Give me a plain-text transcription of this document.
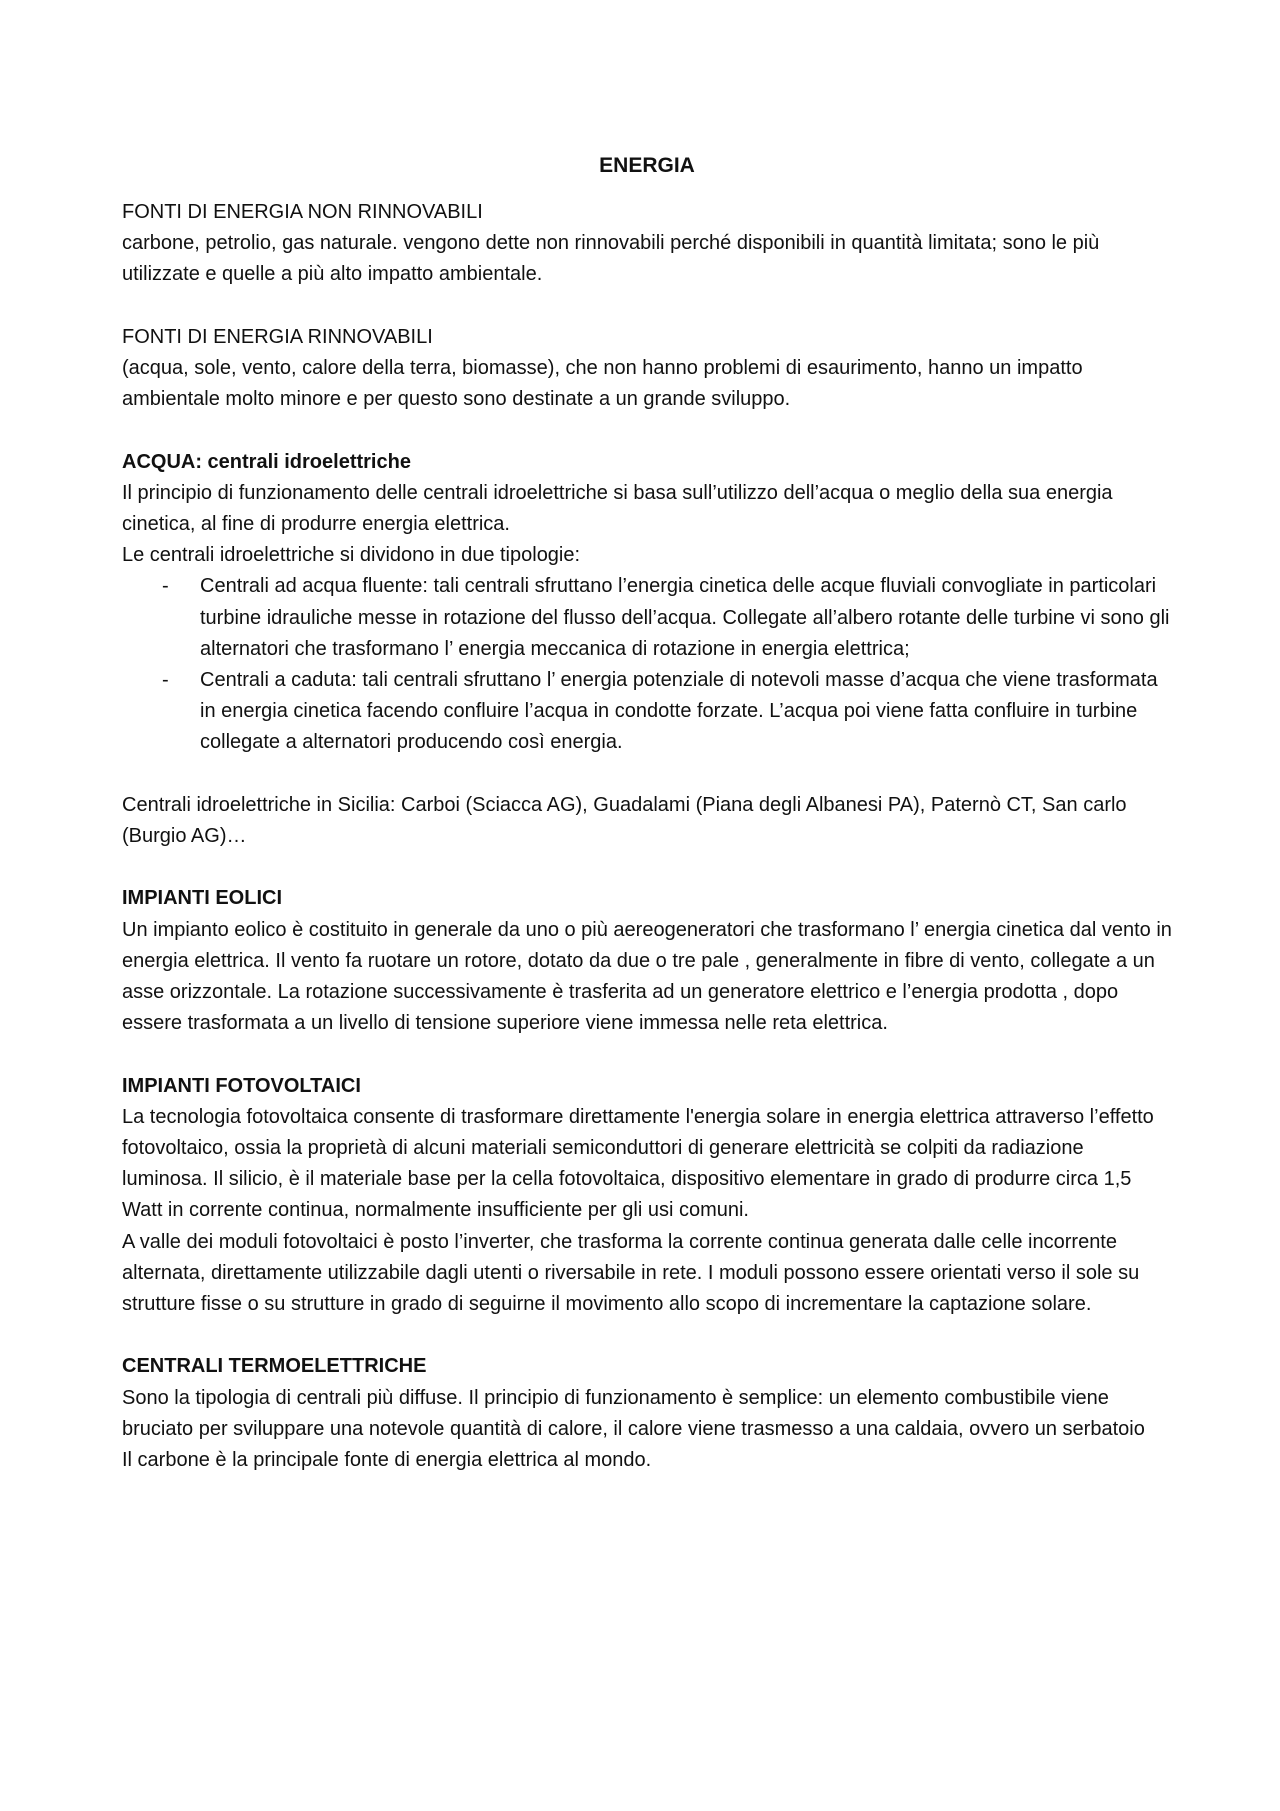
ENERGIA
FONTI DI ENERGIA NON RINNOVABILI
carbone, petrolio, gas naturale. vengono dette non rinnovabili perché disponibili in quantità limitata; sono le più utilizzate e quelle a più alto impatto ambientale.
FONTI DI ENERGIA RINNOVABILI
(acqua, sole, vento, calore della terra, biomasse), che non hanno problemi di esaurimento, hanno un impatto ambientale molto minore e per questo sono destinate a un grande sviluppo.
ACQUA: centrali idroelettriche
Il principio di funzionamento delle centrali idroelettriche si basa sull’utilizzo dell’acqua o meglio della sua energia cinetica, al fine di produrre energia elettrica.
Le centrali idroelettriche si dividono in due tipologie:
- Centrali ad acqua fluente: tali centrali sfruttano l’energia cinetica delle acque fluviali convogliate in particolari turbine idrauliche messe in rotazione del flusso dell’acqua. Collegate all’albero rotante delle turbine vi sono gli alternatori che trasformano l’ energia meccanica di rotazione in energia elettrica;
- Centrali a caduta: tali centrali sfruttano l’ energia potenziale di notevoli masse d’acqua che viene trasformata in energia cinetica facendo confluire l’acqua in condotte forzate. L’acqua poi viene fatta confluire in turbine collegate a alternatori producendo così energia.
Centrali idroelettriche in Sicilia: Carboi (Sciacca AG), Guadalami (Piana degli Albanesi PA), Paternò CT, San carlo (Burgio AG)…
IMPIANTI EOLICI
Un impianto eolico è costituito in generale da uno o più aereogeneratori che trasformano l’ energia cinetica dal vento in energia elettrica. Il vento fa ruotare un rotore, dotato da due o tre pale , generalmente in fibre di vento, collegate a un asse orizzontale. La rotazione successivamente è trasferita ad un generatore elettrico e l’energia prodotta , dopo essere trasformata a un livello di tensione superiore viene immessa nelle reta elettrica.
IMPIANTI FOTOVOLTAICI
La tecnologia fotovoltaica consente di trasformare direttamente l'energia solare in energia elettrica attraverso l’effetto fotovoltaico, ossia la proprietà di alcuni materiali semiconduttori di generare elettricità se colpiti da radiazione luminosa. Il silicio, è il materiale base per la cella fotovoltaica, dispositivo elementare in grado di produrre circa 1,5 Watt in corrente continua, normalmente insufficiente per gli usi comuni.
A valle dei moduli fotovoltaici è posto l’inverter, che trasforma la corrente continua generata dalle celle incorrente alternata, direttamente utilizzabile dagli utenti o riversabile in rete. I moduli possono essere orientati verso il sole su strutture fisse o su strutture in grado di seguirne il movimento allo scopo di incrementare la captazione solare.
CENTRALI TERMOELETTRICHE
Sono la tipologia di centrali più diffuse. Il principio di funzionamento è semplice: un elemento combustibile viene bruciato per sviluppare una notevole quantità di calore, il calore viene trasmesso a una caldaia, ovvero un serbatoio
Il carbone è la principale fonte di energia elettrica al mondo.
